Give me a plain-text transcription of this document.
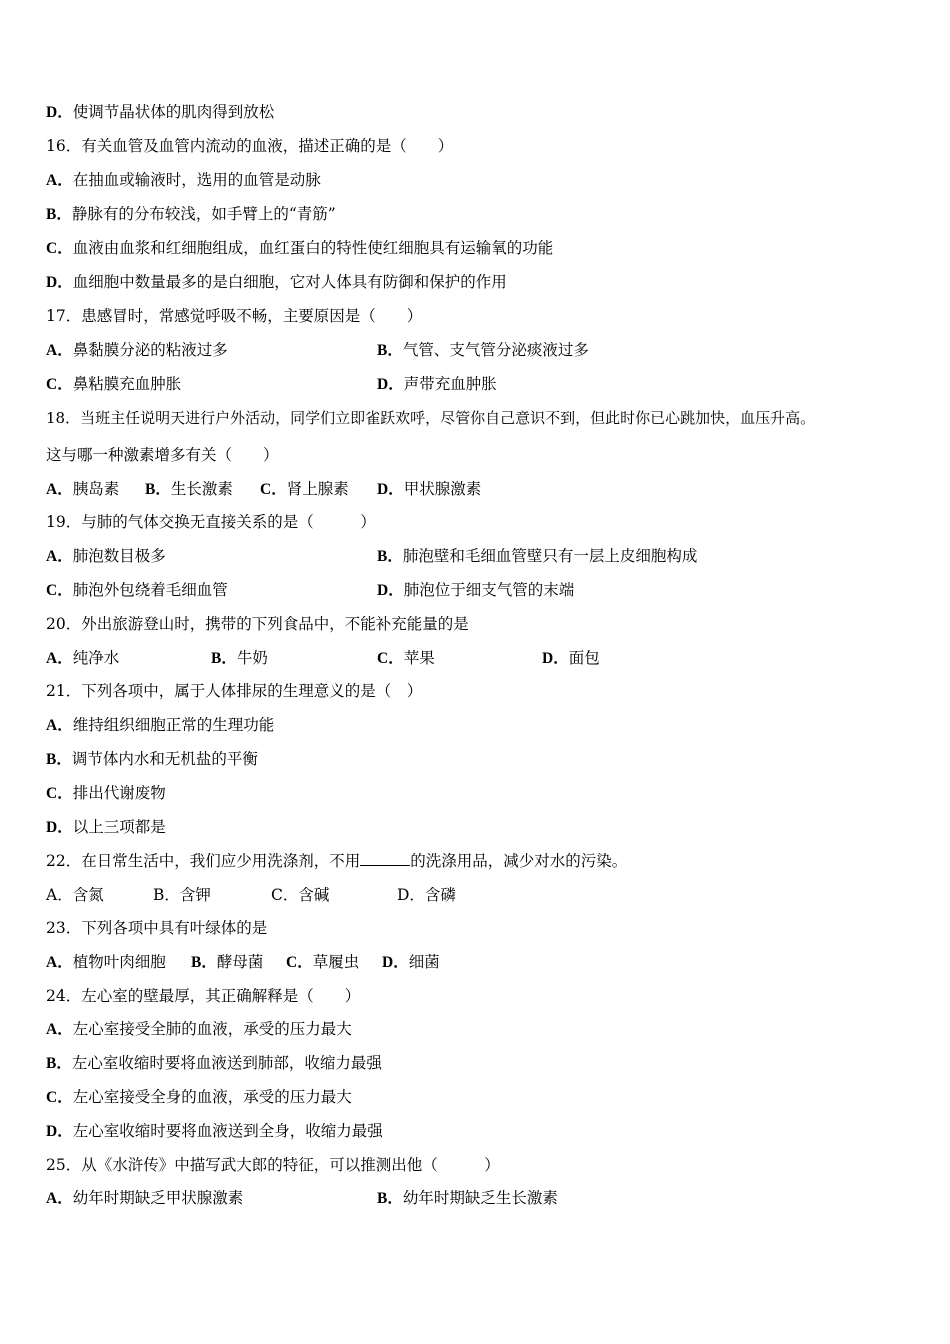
D．使调节晶状体的肌肉得到放松
16．有关血管及血管内流动的血液，描述正确的是（　　）
A．在抽血或输液时，选用的血管是动脉
B．静脉有的分布较浅，如手臂上的“青筋”
C．血液由血浆和红细胞组成，血红蛋白的特性使红细胞具有运输氧的功能
D．血细胞中数量最多的是白细胞，它对人体具有防御和保护的作用
17．患感冒时，常感觉呼吸不畅，主要原因是（　　）
A．鼻黏膜分泌的粘液过多	B．气管、支气管分泌痰液过多
C．鼻粘膜充血肿胀	D．声带充血肿胀
18．当班主任说明天进行户外活动，同学们立即雀跃欢呼，尽管你自己意识不到，但此时你已心跳加快，血压升高。
这与哪一种激素增多有关（　　）
A．胰岛素 B．生长激素 C．肾上腺素 D．甲状腺激素
19．与肺的气体交换无直接关系的是（　　　）
A．肺泡数目极多	B．肺泡壁和毛细血管壁只有一层上皮细胞构成
C．肺泡外包绕着毛细血管	D．肺泡位于细支气管的末端
20．外出旅游登山时，携带的下列食品中，不能补充能量的是
A．纯净水	B．牛奶	C．苹果	D．面包
21．下列各项中，属于人体排尿的生理意义的是（　）
A．维持组织细胞正常的生理功能
B．调节体内水和无机盐的平衡
C．排出代谢废物
D．以上三项都是
22．在日常生活中，我们应少用洗涤剂，不用	的洗涤用品，减少对水的污染。
A．含氮	B．含钾	C．含碱	D．含磷
23．下列各项中具有叶绿体的是
A．植物叶肉细胞 B．酵母菌 C．草履虫 D．细菌
24．左心室的壁最厚，其正确解释是（　　）
A．左心室接受全肺的血液，承受的压力最大
B．左心室收缩时要将血液送到肺部，收缩力最强
C．左心室接受全身的血液，承受的压力最大
D．左心室收缩时要将血液送到全身，收缩力最强
25．从《水浒传》中描写武大郎的特征，可以推测出他（　　　）
A．幼年时期缺乏甲状腺激素	B．幼年时期缺乏生长激素
